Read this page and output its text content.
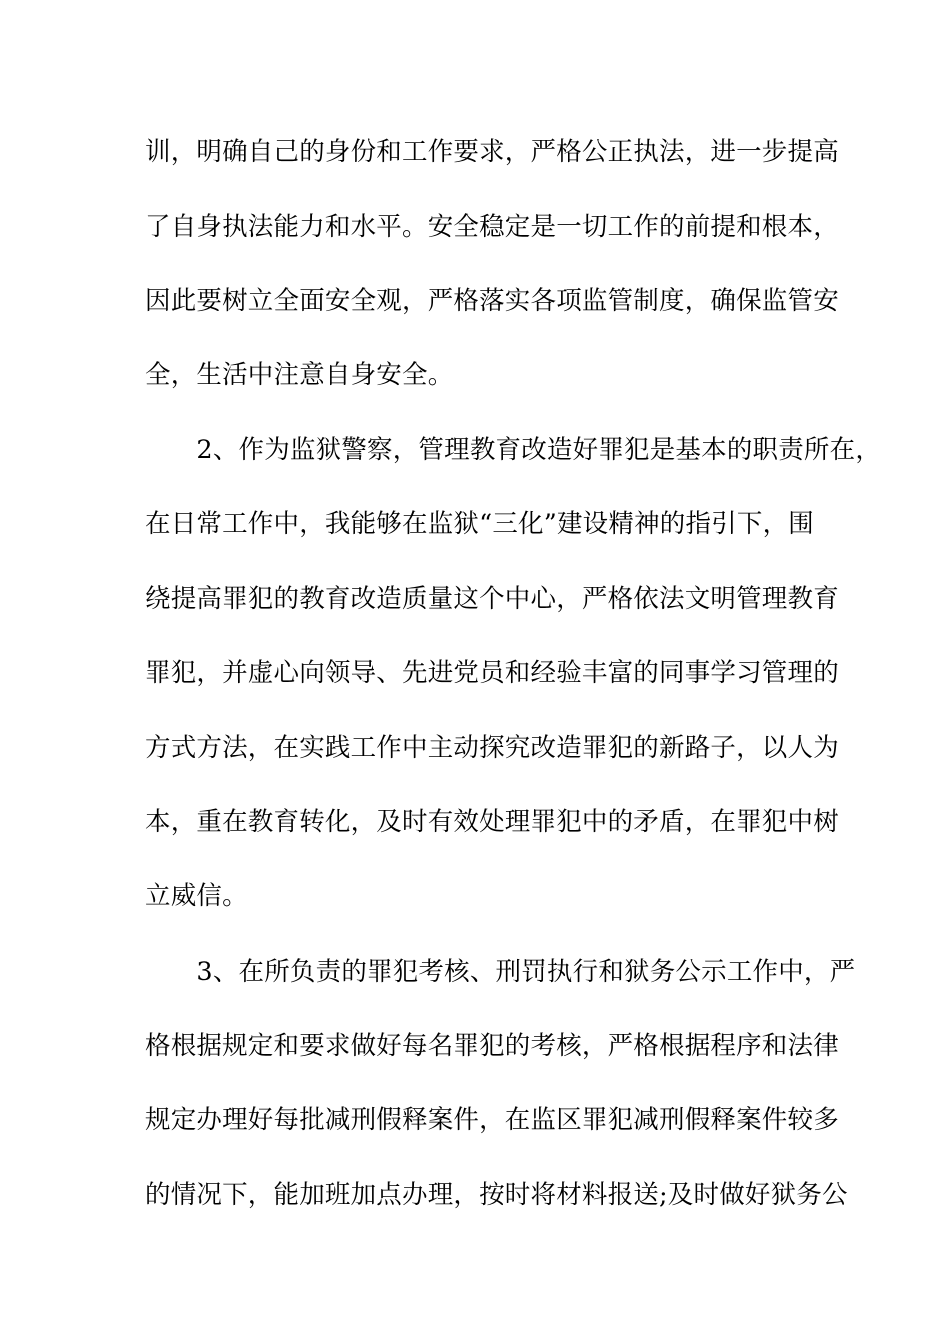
训，明确自己的身份和工作要求，严格公正执法，进一步提高
了自身执法能力和水平。安全稳定是一切工作的前提和根本，
因此要树立全面安全观，严格落实各项监管制度，确保监管安
全，生活中注意自身安全。
　　2、作为监狱警察，管理教育改造好罪犯是基本的职责所在，
在日常工作中，我能够在监狱“三化”建设精神的指引下，围
绕提高罪犯的教育改造质量这个中心，严格依法文明管理教育
罪犯，并虚心向领导、先进党员和经验丰富的同事学习管理的
方式方法，在实践工作中主动探究改造罪犯的新路子，以人为
本，重在教育转化，及时有效处理罪犯中的矛盾，在罪犯中树
立威信。
　　3、在所负责的罪犯考核、刑罚执行和狱务公示工作中，严
格根据规定和要求做好每名罪犯的考核，严格根据程序和法律
规定办理好每批减刑假释案件，在监区罪犯减刑假释案件较多
的情况下，能加班加点办理，按时将材料报送;及时做好狱务公
